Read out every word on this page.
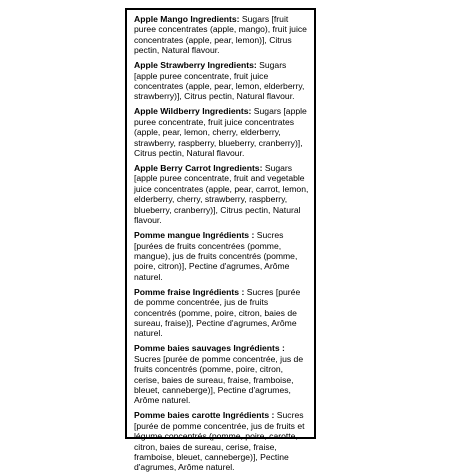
Apple Mango Ingredients: Sugars [fruit puree concentrates (apple, mango), fruit juice concentrates (apple, pear, lemon)], Citrus pectin, Natural flavour.
Apple Strawberry Ingredients: Sugars [apple puree concentrate, fruit juice concentrates (apple, pear, lemon, elderberry, strawberry)], Citrus pectin, Natural flavour.
Apple Wildberry Ingredients: Sugars [apple puree concentrate, fruit juice concentrates (apple, pear, lemon, cherry, elderberry, strawberry, raspberry, blueberry, cranberry)], Citrus pectin, Natural flavour.
Apple Berry Carrot Ingredients: Sugars [apple puree concentrate, fruit and vegetable juice concentrates (apple, pear, carrot, lemon, elderberry, cherry, strawberry, raspberry, blueberry, cranberry)], Citrus pectin, Natural flavour.
Pomme mangue Ingrédients : Sucres [purées de fruits concentrées (pomme, mangue), jus de fruits concentrés (pomme, poire, citron)], Pectine d'agrumes, Arôme naturel.
Pomme fraise Ingrédients : Sucres [purée de pomme concentrée, jus de fruits concentrés (pomme, poire, citron, baies de sureau, fraise)], Pectine d'agrumes, Arôme naturel.
Pomme baies sauvages Ingrédients : Sucres [purée de pomme concentrée, jus de fruits concentrés (pomme, poire, citron, cerise, baies de sureau, fraise, framboise, bleuet, canneberge)], Pectine d'agrumes, Arôme naturel.
Pomme baies carotte Ingrédients : Sucres [purée de pomme concentrée, jus de fruits et légume concentrés (pomme, poire, carotte, citron, baies de sureau, cerise, fraise, framboise, bleuet, canneberge)], Pectine d'agrumes, Arôme naturel.
